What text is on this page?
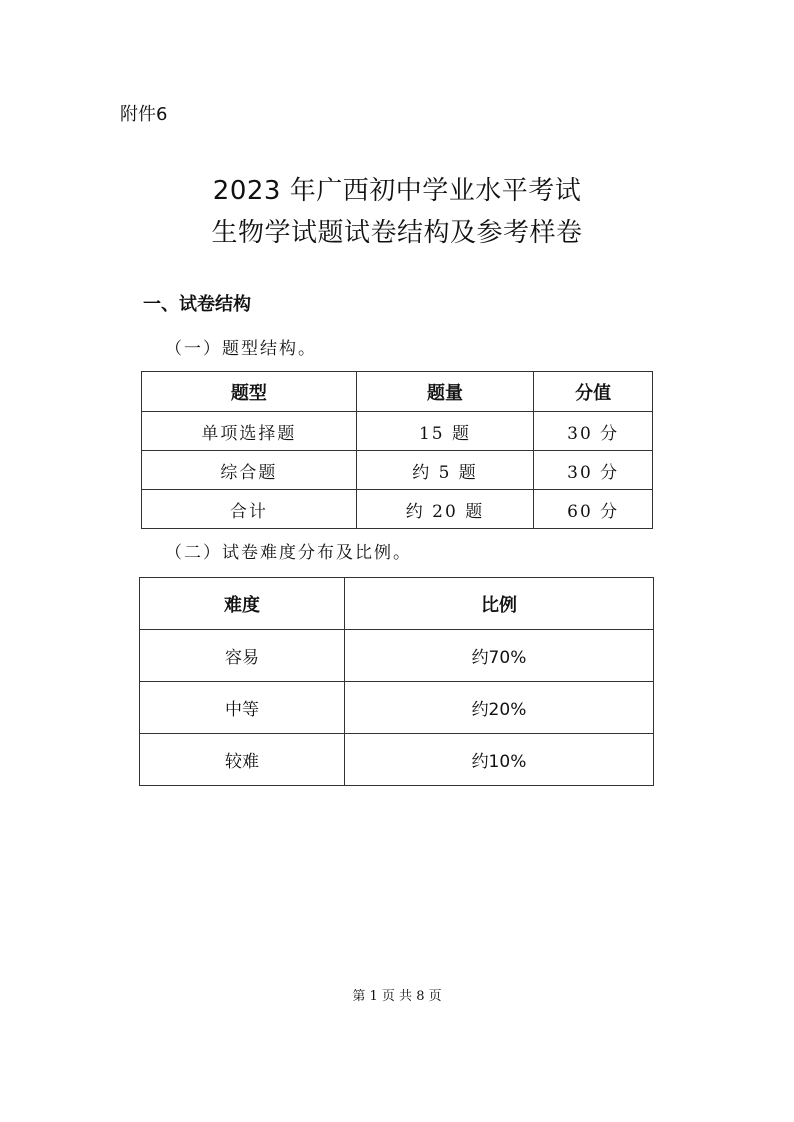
附件6
2023 年广西初中学业水平考试
生物学试题试卷结构及参考样卷
一、试卷结构
（一）题型结构。
题型	题量	分值
单项选择题	15 题	30 分
综合题	约 5 题	30 分
合计	约 20 题	60 分
（二）试卷难度分布及比例。
难度	比例
容易	约70%
中等	约20%
较难	约10%
第 1 页 共 8 页
